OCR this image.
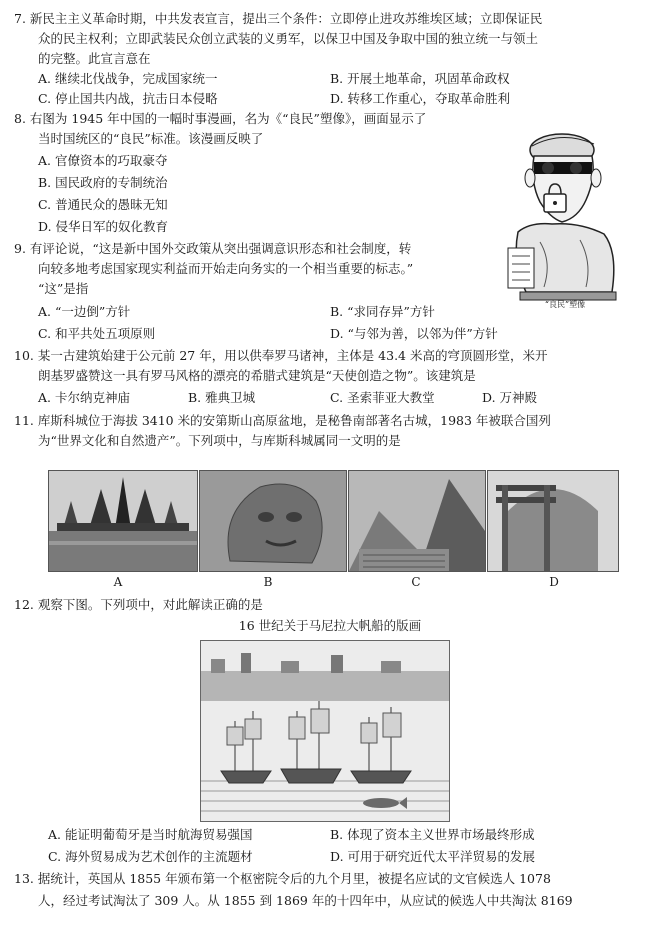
7. 新民主主义革命时期，中共发表宣言，提出三个条件：立即停止进攻苏维埃区域；立即保证民
众的民主权利；立即武装民众创立武装的义勇军，以保卫中国及争取中国的独立统一与领土
的完整。此宣言意在
A. 继续北伐战争，完成国家统一	B. 开展土地革命，巩固革命政权
C. 停止国共内战，抗击日本侵略	D. 转移工作重心，夺取革命胜利
8. 右图为 1945 年中国的一幅时事漫画，名为《“良民”塑像》，画面显示了
当时国统区的“良民”标准。该漫画反映了
A. 官僚资本的巧取豪夺
B. 国民政府的专制统治
C. 普通民众的愚昧无知
D. 侵华日军的奴化教育
“良民”塑像
9. 有评论说，“这是新中国外交政策从突出强调意识形态和社会制度，转
向较多地考虑国家现实利益而开始走向务实的一个相当重要的标志。”
“这”是指
A. “一边倒”方针	B. “求同存异”方针
C. 和平共处五项原则	D. “与邻为善，以邻为伴”方针
10. 某一古建筑始建于公元前 27 年，用以供奉罗马诸神，主体是 43.4 米高的穹顶圆形堂，米开
朗基罗盛赞这一具有罗马风格的漂亮的希腊式建筑是“天使创造之物”。该建筑是
A. 卡尔纳克神庙	B. 雅典卫城	C. 圣索菲亚大教堂	D. 万神殿
11. 库斯科城位于海拔 3410 米的安第斯山高原盆地，是秘鲁南部著名古城，1983 年被联合国列
为“世界文化和自然遗产”。下列项中，与库斯科城属同一文明的是
A	B	C	D
12. 观察下图。下列项中，对此解读正确的是
16 世纪关于马尼拉大帆船的版画
A. 能证明葡萄牙是当时航海贸易强国	B. 体现了资本主义世界市场最终形成
C. 海外贸易成为艺术创作的主流题材	D. 可用于研究近代太平洋贸易的发展
13. 据统计，英国从 1855 年颁布第一个枢密院令后的九个月里，被提名应试的文官候选人 1078
人，经过考试淘汰了 309 人。从 1855 到 1869 年的十四年中，从应试的候选人中共淘汰 8169
